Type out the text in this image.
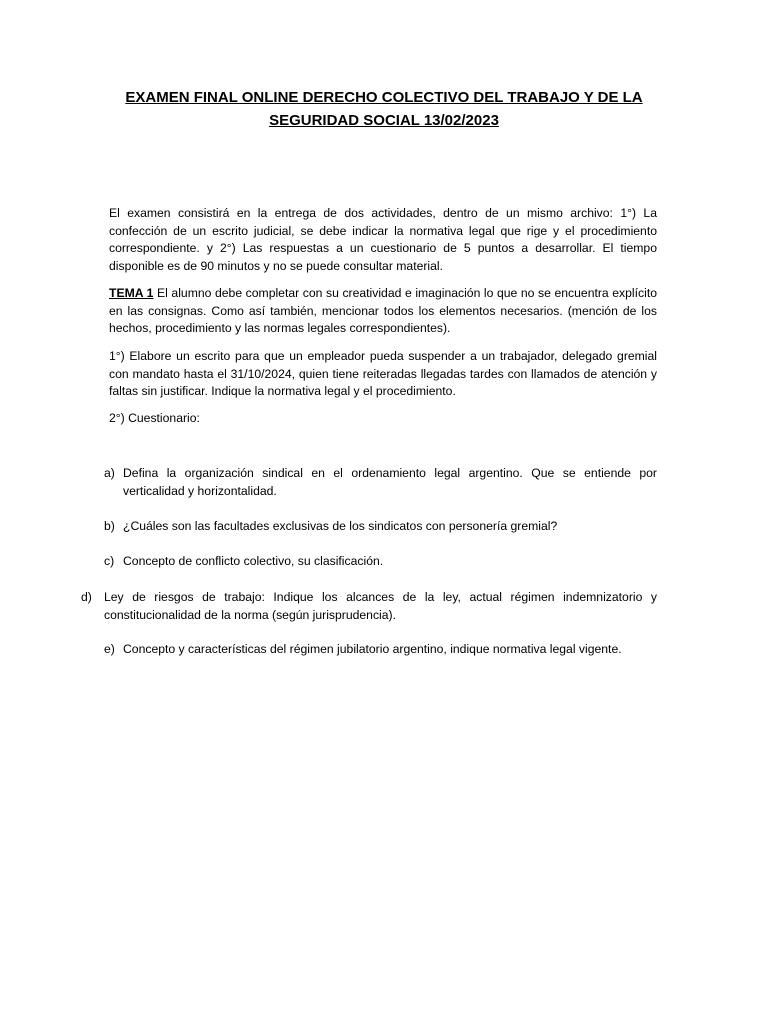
EXAMEN FINAL ONLINE DERECHO COLECTIVO DEL TRABAJO Y DE LA SEGURIDAD SOCIAL 13/02/2023

El examen consistirá en la entrega de dos actividades, dentro de un mismo archivo: 1°) La confección de un escrito judicial, se debe indicar la normativa legal que rige y el procedimiento correspondiente. y 2°) Las respuestas a un cuestionario de 5 puntos a desarrollar. El tiempo disponible es de 90 minutos y no se puede consultar material.

TEMA 1 El alumno debe completar con su creatividad e imaginación lo que no se encuentra explícito en las consignas. Como así también, mencionar todos los elementos necesarios. (mención de los hechos, procedimiento y las normas legales correspondientes).

1°) Elabore un escrito para que un empleador pueda suspender a un trabajador, delegado gremial con mandato hasta el 31/10/2024, quien tiene reiteradas llegadas tardes con llamados de atención y faltas sin justificar. Indique la normativa legal y el procedimiento.

2°) Cuestionario:

a) Defina la organización sindical en el ordenamiento legal argentino. Que se entiende por verticalidad y horizontalidad.
b) ¿Cuáles son las facultades exclusivas de los sindicatos con personería gremial?
c) Concepto de conflicto colectivo, su clasificación.
d) Ley de riesgos de trabajo: Indique los alcances de la ley, actual régimen indemnizatorio y constitucionalidad de la norma (según jurisprudencia).
e) Concepto y características del régimen jubilatorio argentino, indique normativa legal vigente.
